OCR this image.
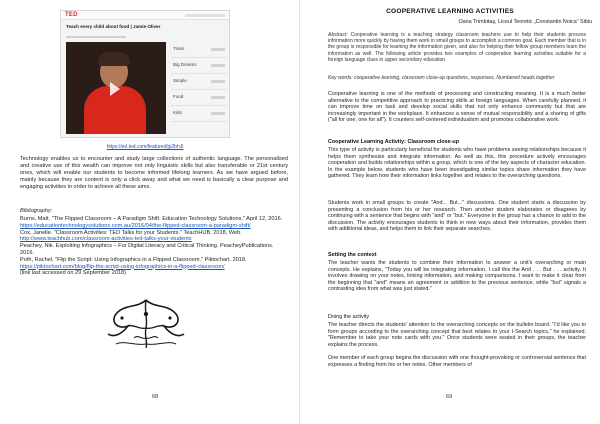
TED
Teach every child about food | Jamie Oliver
Trans
Big Dreams
Simple
Food
Kids
https://ed.ted.com/featured/jp2bhJi
Technology enables us to encounter and study large collections of authentic language. The personalised and creative use of this wealth can improve not only linguistic skills but also transferable or 21st century ones, which will enable our students to become informed lifelong learners. As we have argued before, mainly because they are content is only a click away and what we need is basically a clear purpose and engaging activities in order to achieve all these aims.
Bibliography:
Burns, Matt. "The Flipped Classroom – A Paradigm Shift. Education Technology Solutions." April 12, 2016. https://educationtechnologysolutions.com.au/2016/04/the-flipped-classroom-a-paradigm-shift/
Cox, Janelle. "Classroom Activities: TED Talks for your Students." TeachHUB, 2018, Web. http://www.teachhub.com/classroom-activities-ted-talks-your-students
Peachey, Nik. Exploiting Infographics – For Digital Literacy and Critical Thinking. PeacheyPublications. 2016.
Poth, Rachel. "Flip the Script: Using Infographics in a Flipped Classroom." Piktochart. 2018. https://piktochart.com/blog/flip-the-script-using-infographics-in-a-flipped-classroom/
(link last accessed on 29 September 2018)
68
COOPERATIVE LEARNING ACTIVITIES
Oana Trimbitaş, Liceul Teoretic „Constantin Noica” Sibiu
Abstract: Cooperative learning is a teaching strategy classroom teachers use to help their students process information more quickly by having them work in small groups to accomplish a common goal. Each member that is in the group is responsible for learning the information given, and also for helping their fellow group members learn the information as well. The following article provides two examples of cooperative learning activities suitable for a foreign language class in upper secondary education.
Key words: cooperative learning, classroom close-up questions, responses, Numbered heads together
Cooperative learning is one of the methods of processing and constructing meaning. It is a much better alternative to the competitive approach to practicing skills at foreign languages. When carefully planned, it can improve time on task and develop social skills that not only enhance community but that are increasingly important in the workplace. It enhances a sense of mutual responsibility and a sharing of gifts ("all for one, one for all"). It counters self-centered individualism and promotes collaborative work.
Cooperative Learning Activity: Classroom close-up
This type of activity is particularly beneficial for students who have problems seeing relationships because it helps them synthesize and integrate information. As well as this, this procedure actively encourages cooperation and builds relationships within a group, which is one of the key aspects of character education. In the example below, students who have been investigating similar topics share information they have gathered. They learn how their information links together and relates to the overarching questions.
Students work in small groups to create "And... But..." discussions. One student starts a discussion by presenting a conclusion from his or her research. Then another student elaborates or disagrees by continuing with a sentence that begins with "and" or "but." Everyone in the group has a chance to add to the discussion. The activity encourages students to think in new ways about their information, provides them with additional ideas, and helps them to link their separate searches.
Setting the context
The teacher wants the students to combine their information to answer a unit's overarching or main concepts. He explains, "Today you will be integrating information. I call this the And . . . But . . . activity. It involves drawing on your notes, linking information, and making comparisons. I want to make it clear from the beginning that "and" means an agreement or addition to the previous sentence, while "but" signals a contrasting idea from what was just stated."
Doing the activity
The teacher directs the students' attention to the overarching concepts on the bulletin board. "I'd like you to form groups according to the overarching concept that best relates to your I-Search topics," he explained. "Remember to take your note cards with you." Once students were seated in their groups, the teacher explains the process.
One member of each group begins the discussion with one thought-provoking or controversial sentence that expresses a finding from his or her notes. Other members of
69
